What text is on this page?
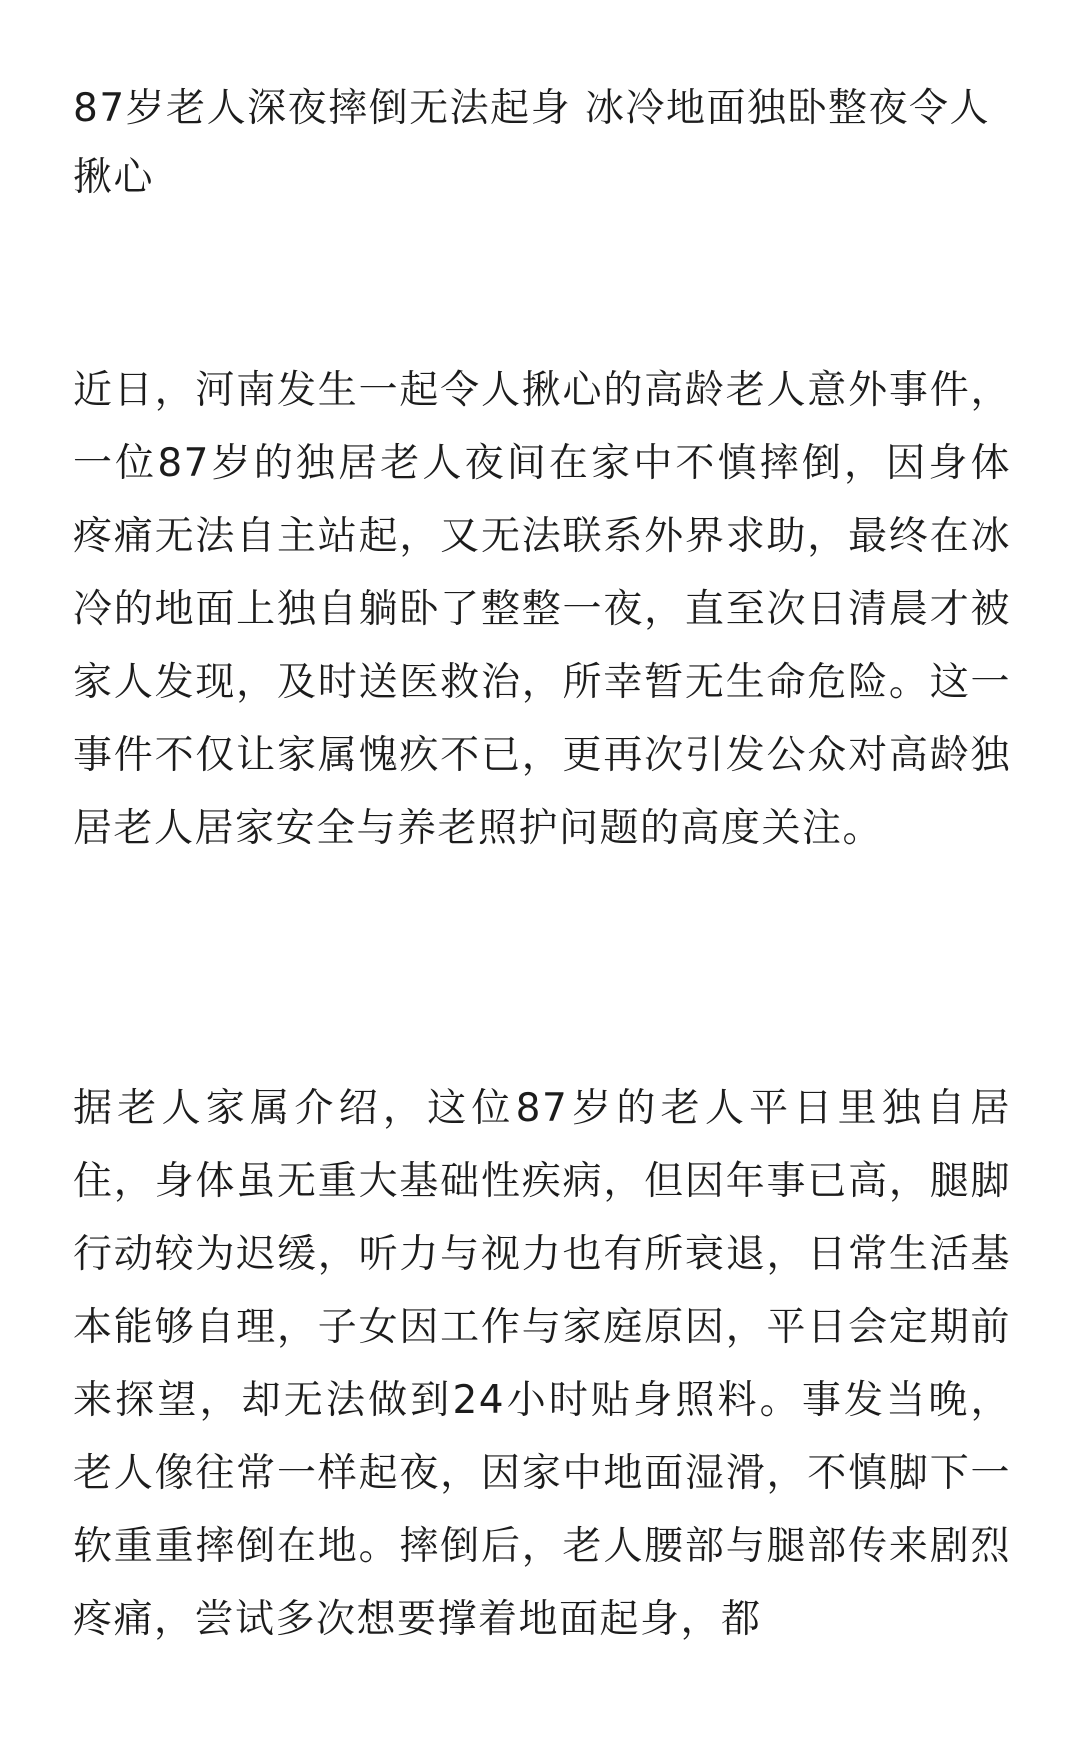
87岁老人深夜摔倒无法起身 冰冷地面独卧整夜令人揪心

近日，河南发生一起令人揪心的高龄老人意外事件，一位87岁的独居老人夜间在家中不慎摔倒，因身体疼痛无法自主站起，又无法联系外界求助，最终在冰冷的地面上独自躺卧了整整一夜，直至次日清晨才被家人发现，及时送医救治，所幸暂无生命危险。这一事件不仅让家属愧疚不已，更再次引发公众对高龄独居老人居家安全与养老照护问题的高度关注。

据老人家属介绍，这位87岁的老人平日里独自居住，身体虽无重大基础性疾病，但因年事已高，腿脚行动较为迟缓，听力与视力也有所衰退，日常生活基本能够自理，子女因工作与家庭原因，平日会定期前来探望，却无法做到24小时贴身照料。事发当晚，老人像往常一样起夜，因家中地面湿滑，不慎脚下一软重重摔倒在地。摔倒后，老人腰部与腿部传来剧烈疼痛，尝试多次想要撑着地面起身，都
